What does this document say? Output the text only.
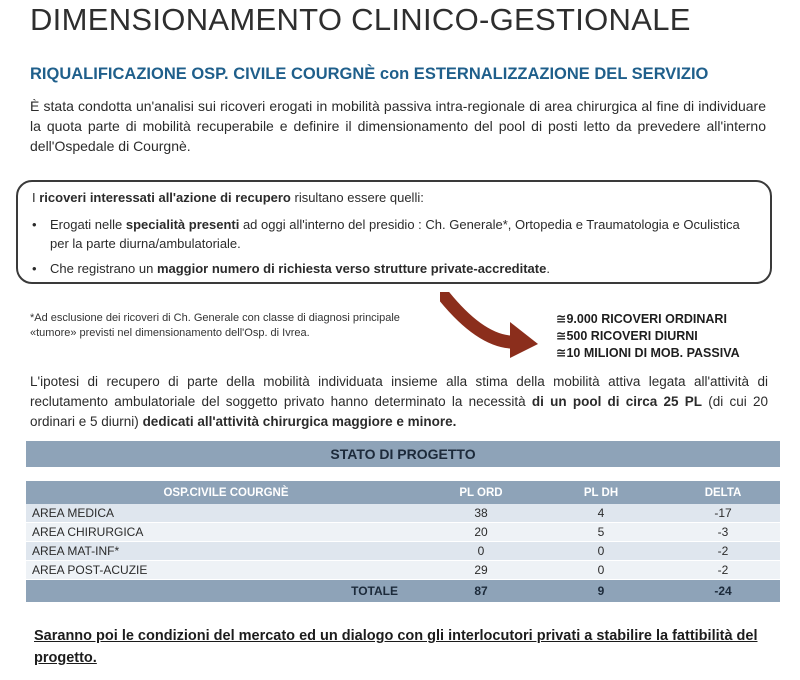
DIMENSIONAMENTO CLINICO-GESTIONALE
RIQUALIFICAZIONE OSP. CIVILE COURGNÈ con ESTERNALIZZAZIONE DEL SERVIZIO
È stata condotta un'analisi sui ricoveri erogati in mobilità passiva intra-regionale di area chirurgica al fine di individuare la quota parte di mobilità recuperabile e definire il dimensionamento del pool di posti letto da prevedere all'interno dell'Ospedale di Courgnè.
I ricoveri interessati all'azione di recupero risultano essere quelli:
• Erogati nelle specialità presenti ad oggi all'interno del presidio : Ch. Generale*, Ortopedia e Traumatologia e Oculistica per la parte diurna/ambulatoriale.
• Che registrano un maggior numero di richiesta verso strutture private-accreditate.
*Ad esclusione dei ricoveri di Ch. Generale con classe di diagnosi principale «tumore» previsti nel dimensionamento dell'Osp. di Ivrea.
≅9.000 RICOVERI ORDINARI
≅500 RICOVERI DIURNI
≅10 MILIONI DI MOB. PASSIVA
L'ipotesi di recupero di parte della mobilità individuata insieme alla stima della mobilità attiva legata all'attività di reclutamento ambulatoriale del soggetto privato hanno determinato la necessità di un pool di circa 25 PL (di cui 20 ordinari e 5 diurni) dedicati all'attività chirurgica maggiore e minore.
STATO DI PROGETTO
OSP.CIVILE COURGNÈ	PL ORD	PL DH	DELTA
AREA MEDICA	38	4	-17
AREA CHIRURGICA	20	5	-3
AREA MAT-INF*	0	0	-2
AREA POST-ACUZIE	29	0	-2
TOTALE	87	9	-24
Saranno poi le condizioni del mercato ed un dialogo con gli interlocutori privati a stabilire la fattibilità del progetto.
